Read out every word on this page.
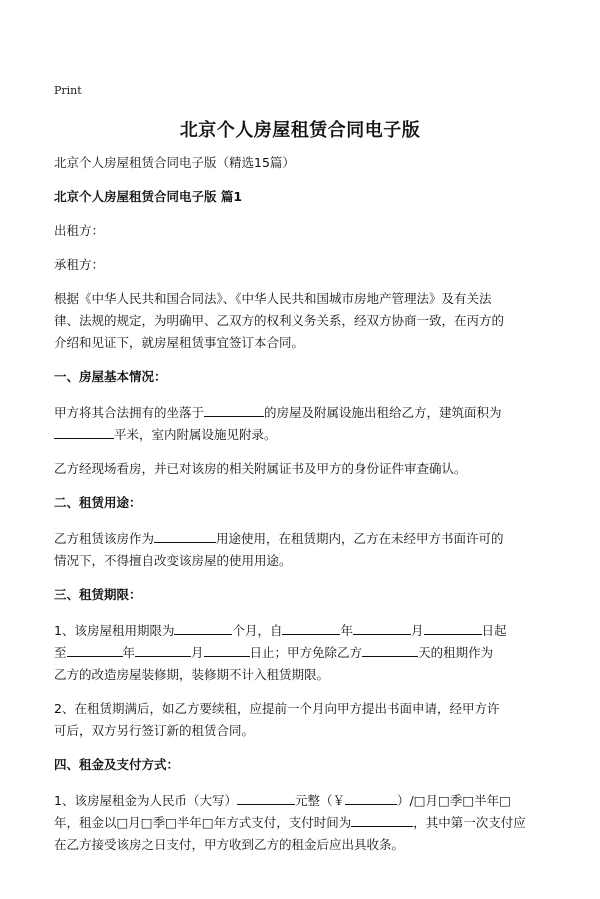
Print
北京个人房屋租赁合同电子版

北京个人房屋租赁合同电子版（精选15篇）

北京个人房屋租赁合同电子版 篇1

出租方：

承租方：

根据《中华人民共和国合同法》、《中华人民共和国城市房地产管理法》及有关法

律、法规的规定，为明确甲、乙双方的权利义务关系，经双方协商一致，在丙方的

介绍和见证下，就房屋租赁事宜签订本合同。

一、房屋基本情况：

甲方将其合法拥有的坐落于	的房屋及附属设施出租给乙方，建筑面积为

平米，室内附属设施见附录。

乙方经现场看房，并已对该房的相关附属证书及甲方的身份证件审查确认。

二、租赁用途：

乙方租赁该房作为	用途使用，在租赁期内，乙方在未经甲方书面许可的

情况下，不得擅自改变该房屋的使用用途。

三、租赁期限：

1、该房屋租用期限为	个月，自	年	月	日起

至	年	月	日止；甲方免除乙方	天的租期作为

乙方的改造房屋装修期，装修期不计入租赁期限。

2、在租赁期满后，如乙方要续租，应提前一个月向甲方提出书面申请，经甲方许

可后，双方另行签订新的租赁合同。

四、租金及支付方式：

1、该房屋租金为人民币（大写）	元整（￥	）/□月□季□半年□

年，租金以□月□季□半年□年方式支付，支付时间为	，其中第一次支付应

在乙方接受该房之日支付，甲方收到乙方的租金后应出具收条。
